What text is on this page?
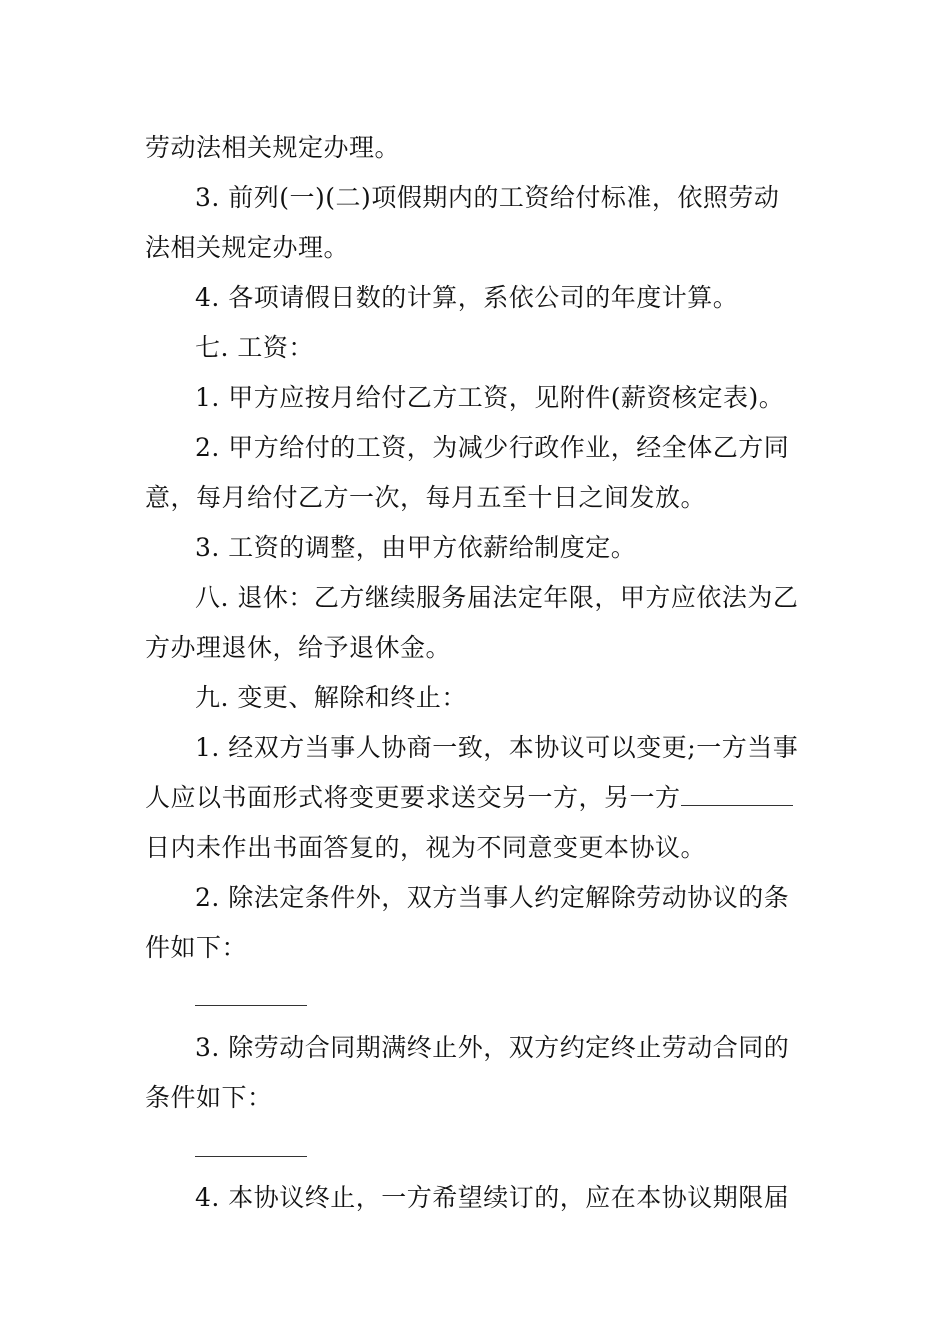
劳动法相关规定办理。
3. 前列(一)(二)项假期内的工资给付标准，依照劳动
法相关规定办理。
4. 各项请假日数的计算，系依公司的年度计算。
七. 工资：
1. 甲方应按月给付乙方工资，见附件(薪资核定表)。
2. 甲方给付的工资，为减少行政作业，经全体乙方同
意，每月给付乙方一次，每月五至十日之间发放。
3. 工资的调整，由甲方依薪给制度定。
八. 退休：乙方继续服务届法定年限，甲方应依法为乙
方办理退休，给予退休金。
九. 变更、解除和终止：
1. 经双方当事人协商一致，本协议可以变更;一方当事
人应以书面形式将变更要求送交另一方，另一方
日内未作出书面答复的，视为不同意变更本协议。
2. 除法定条件外，双方当事人约定解除劳动协议的条
件如下：
3. 除劳动合同期满终止外，双方约定终止劳动合同的
条件如下：
4. 本协议终止，一方希望续订的，应在本协议期限届
